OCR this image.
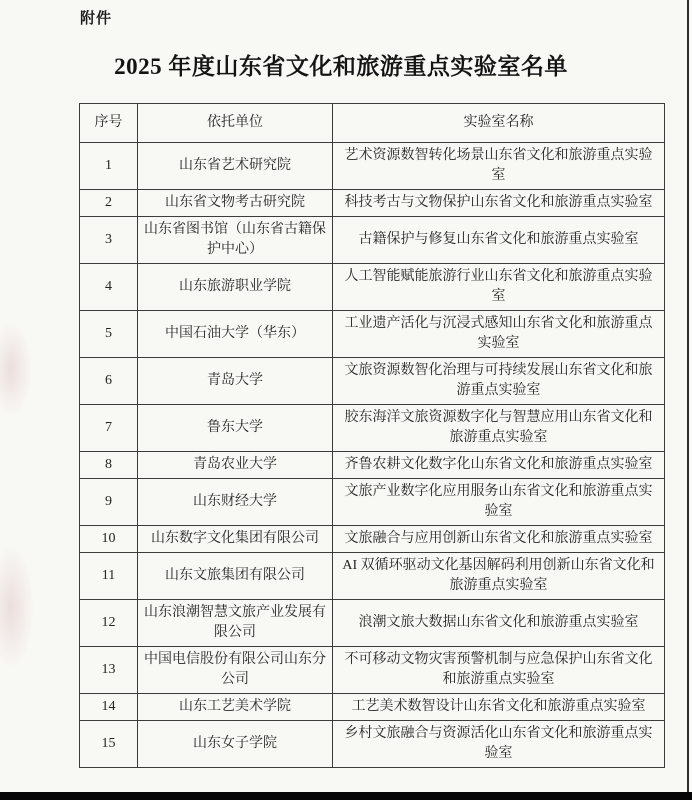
附件
2025 年度山东省文化和旅游重点实验室名单
序号	依托单位	实验室名称
1	山东省艺术研究院	艺术资源数智转化场景山东省文化和旅游重点实验室
2	山东省文物考古研究院	科技考古与文物保护山东省文化和旅游重点实验室
3	山东省图书馆（山东省古籍保护中心）	古籍保护与修复山东省文化和旅游重点实验室
4	山东旅游职业学院	人工智能赋能旅游行业山东省文化和旅游重点实验室
5	中国石油大学（华东）	工业遗产活化与沉浸式感知山东省文化和旅游重点实验室
6	青岛大学	文旅资源数智化治理与可持续发展山东省文化和旅游重点实验室
7	鲁东大学	胶东海洋文旅资源数字化与智慧应用山东省文化和旅游重点实验室
8	青岛农业大学	齐鲁农耕文化数字化山东省文化和旅游重点实验室
9	山东财经大学	文旅产业数字化应用服务山东省文化和旅游重点实验室
10	山东数字文化集团有限公司	文旅融合与应用创新山东省文化和旅游重点实验室
11	山东文旅集团有限公司	AI 双循环驱动文化基因解码利用创新山东省文化和旅游重点实验室
12	山东浪潮智慧文旅产业发展有限公司	浪潮文旅大数据山东省文化和旅游重点实验室
13	中国电信股份有限公司山东分公司	不可移动文物灾害预警机制与应急保护山东省文化和旅游重点实验室
14	山东工艺美术学院	工艺美术数智设计山东省文化和旅游重点实验室
15	山东女子学院	乡村文旅融合与资源活化山东省文化和旅游重点实验室
